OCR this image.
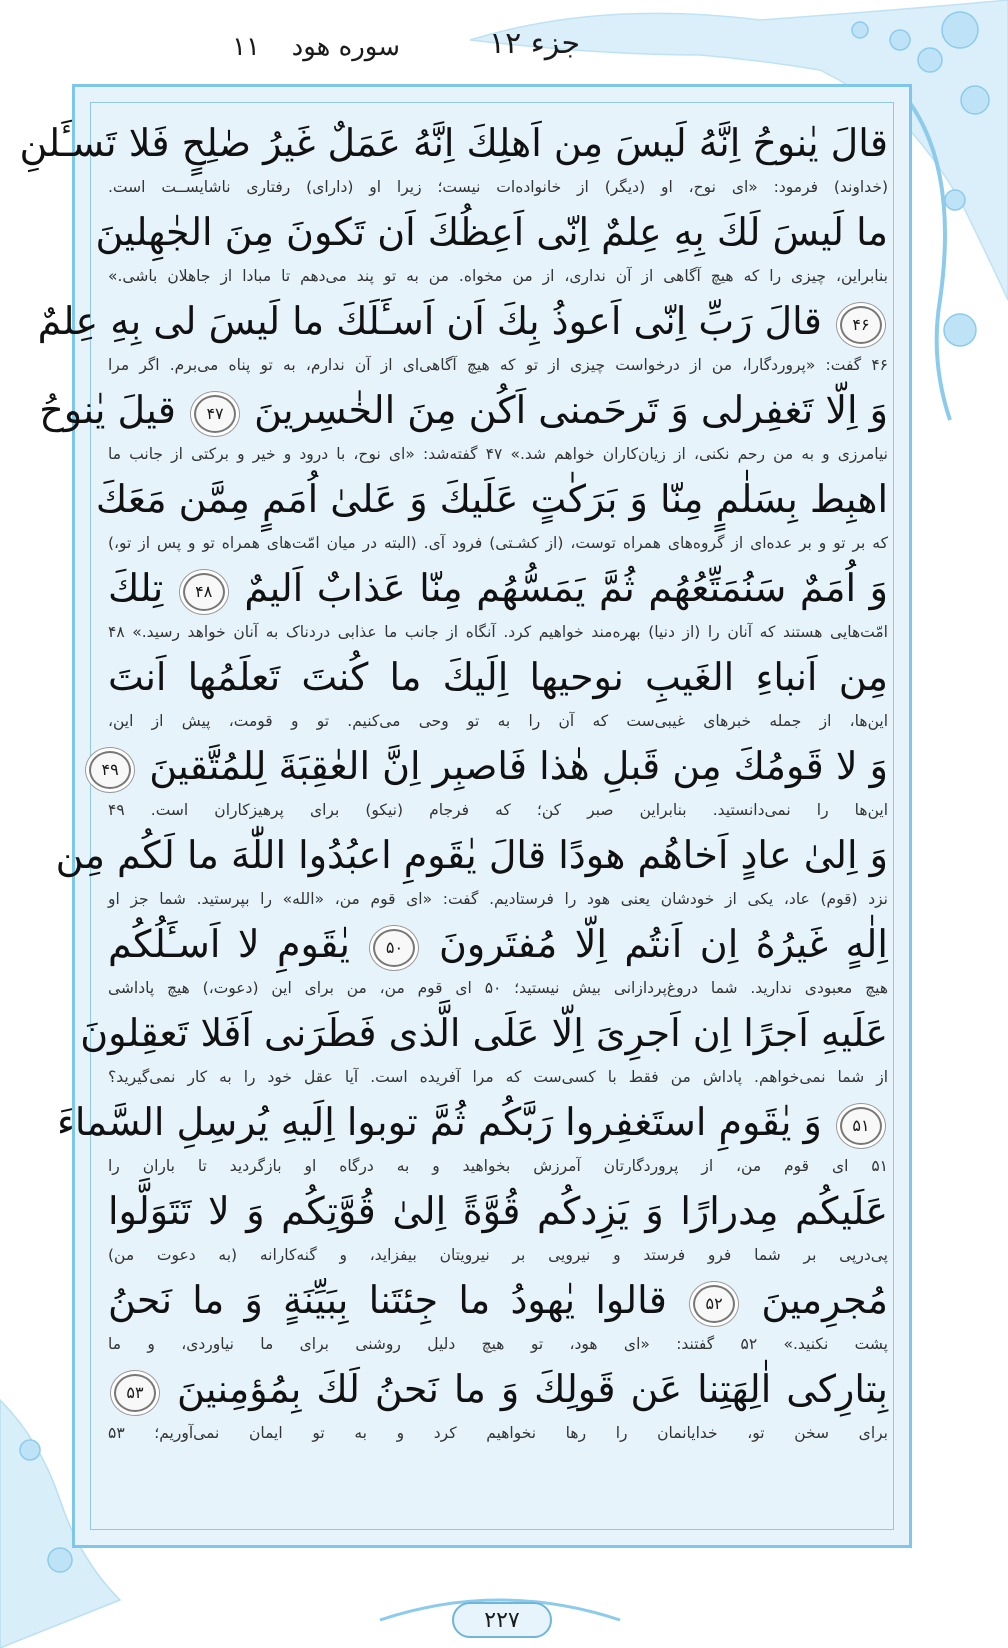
جزء ۱۲
سوره هود
۱۱
قالَ يٰنوحُ اِنَّهُ لَيسَ مِن اَهلِكَ اِنَّهُ عَمَلٌ غَيرُ صٰلِحٍ فَلا تَسـَٔلنِ
(خداوند) فرمود: «ای نوح، او (دیگر) از خانواده‌ات نیست؛ زیرا او (دارای) رفتاری ناشایســت است.
ما لَيسَ لَكَ بِهِ عِلمٌ اِنّى اَعِظُكَ اَن تَكونَ مِنَ الجٰهِلينَ
بنابراین، چیزی را که هیچ آگاهی از آن نداری، از من مخواه. من به تو پند می‌دهم تا مبادا از جاهلان باشی.»
۴۶ قالَ رَبِّ اِنّى اَعوذُ بِكَ اَن اَسـَٔلَكَ ما لَيسَ لى بِهِ عِلمٌ
۴۶ گفت: «پروردگارا، من از درخواست چیزی از تو که هیچ آگاهی‌ای از آن ندارم، به تو پناه می‌برم. اگر مرا
وَ اِلّا تَغفِرلى وَ تَرحَمنى اَكُن مِنَ الخٰسِرينَ ۴۷ قيلَ يٰنوحُ
نیامرزی و به من رحم نکنی، از زیان‌کاران خواهم شد.» ۴۷ گفته‌شد: «ای نوح، با درود و خیر و برکتی از جانب ما
اهبِط بِسَلٰمٍ مِنّا وَ بَرَكٰتٍ عَلَيكَ وَ عَلىٰ اُمَمٍ مِمَّن مَعَكَ
که بر تو و بر عده‌ای از گروه‌های همراه توست، (از کشـتی) فرود آی. (البته در میان امّت‌های همراه تو و پس از تو،)
وَ اُمَمٌ سَنُمَتِّعُهُم ثُمَّ يَمَسُّهُم مِنّا عَذابٌ اَليمٌ ۴۸ تِلكَ
امّت‌هایی هستند که آنان را (از دنیا) بهره‌مند خواهیم کرد. آنگاه از جانب ما عذابی دردناک به آنان خواهد رسید.» ۴۸
مِن اَنباءِ الغَيبِ نوحيها اِلَيكَ ما كُنتَ تَعلَمُها اَنتَ
این‌ها، از جمله خبرهای غیبی‌ست که آن را به تو وحی می‌کنیم. تو و قومت، پیش از این،
وَ لا قَومُكَ مِن قَبلِ هٰذا فَاصبِر اِنَّ العٰقِبَةَ لِلمُتَّقينَ ۴۹
این‌ها را نمی‌دانستید. بنابراین صبر کن؛ که فرجام (نیکو) برای پرهیزکاران است. ۴۹
وَ اِلىٰ عادٍ اَخاهُم هودًا قالَ يٰقَومِ اعبُدُوا اللّٰهَ ما لَكُم مِن
نزد (قوم) عاد، یکی از خودشان یعنی هود را فرستادیم. گفت: «ای قوم من، «الله» را بپرستید. شما جز او
اِلٰهٍ غَيرُهُ اِن اَنتُم اِلّا مُفتَرونَ ۵۰ يٰقَومِ لا اَسـَٔلُكُم
هیچ معبودی ندارید. شما دروغ‌پردازانی بیش نیستید؛ ۵۰ ای قوم من، من برای این (دعوت،) هیچ پاداشی
عَلَيهِ اَجرًا اِن اَجرِىَ اِلّا عَلَى الَّذى فَطَرَنى اَفَلا تَعقِلونَ
از شما نمی‌خواهم. پاداش من فقط با کسی‌ست که مرا آفریده است. آیا عقل خود را به کار نمی‌گیرید؟
۵۱ وَ يٰقَومِ استَغفِروا رَبَّكُم ثُمَّ توبوا اِلَيهِ يُرسِلِ السَّماءَ
۵۱ ای قوم من، از پروردگارتان آمرزش بخواهید و به درگاه او بازگردید تا باران را
عَلَيكُم مِدرارًا وَ يَزِدكُم قُوَّةً اِلىٰ قُوَّتِكُم وَ لا تَتَوَلَّوا
پی‌درپی بر شما فرو فرستد و نیرویی بر نیرویتان بیفزاید، و گنه‌کارانه (به دعوت من)
مُجرِمينَ ۵۲ قالوا يٰهودُ ما جِئتَنا بِبَيِّنَةٍ وَ ما نَحنُ
پشت نکنید.» ۵۲ گفتند: «ای هود، تو هیچ دلیل روشنی برای ما نیاوردی، و ما
بِتارِكى اٰلِهَتِنا عَن قَولِكَ وَ ما نَحنُ لَكَ بِمُؤمِنينَ ۵۳
برای سخن تو، خدایانمان را رها نخواهیم کرد و به تو ایمان نمی‌آوریم؛ ۵۳
۲۲۷
